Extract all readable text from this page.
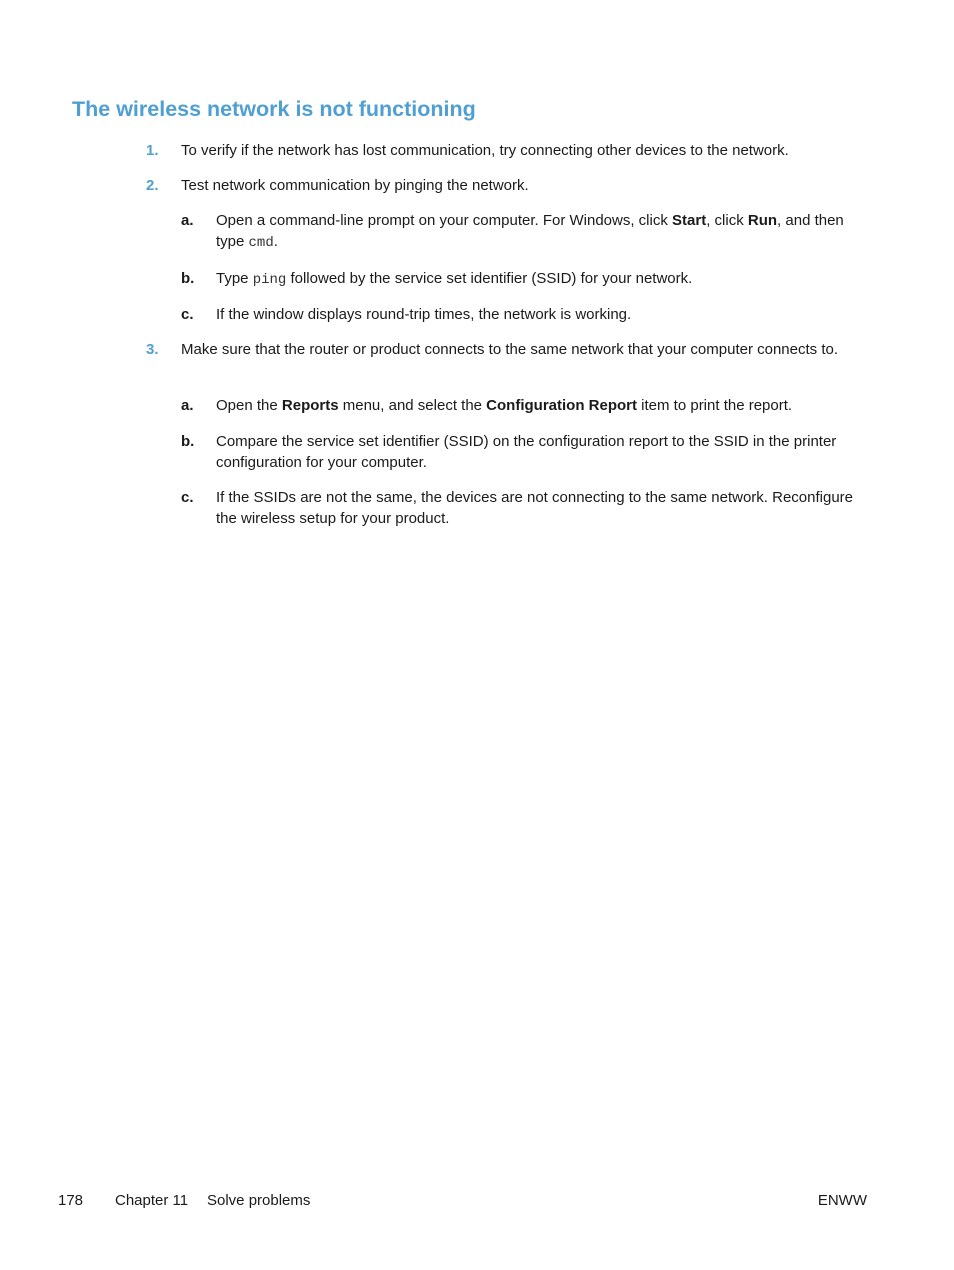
The wireless network is not functioning
1. To verify if the network has lost communication, try connecting other devices to the network.
2. Test network communication by pinging the network.
a. Open a command-line prompt on your computer. For Windows, click Start, click Run, and then type cmd.
b. Type ping followed by the service set identifier (SSID) for your network.
c. If the window displays round-trip times, the network is working.
3. Make sure that the router or product connects to the same network that your computer connects to.
a. Open the Reports menu, and select the Configuration Report item to print the report.
b. Compare the service set identifier (SSID) on the configuration report to the SSID in the printer configuration for your computer.
c. If the SSIDs are not the same, the devices are not connecting to the same network. Reconfigure the wireless setup for your product.
178 Chapter 11 Solve problems	ENWW
